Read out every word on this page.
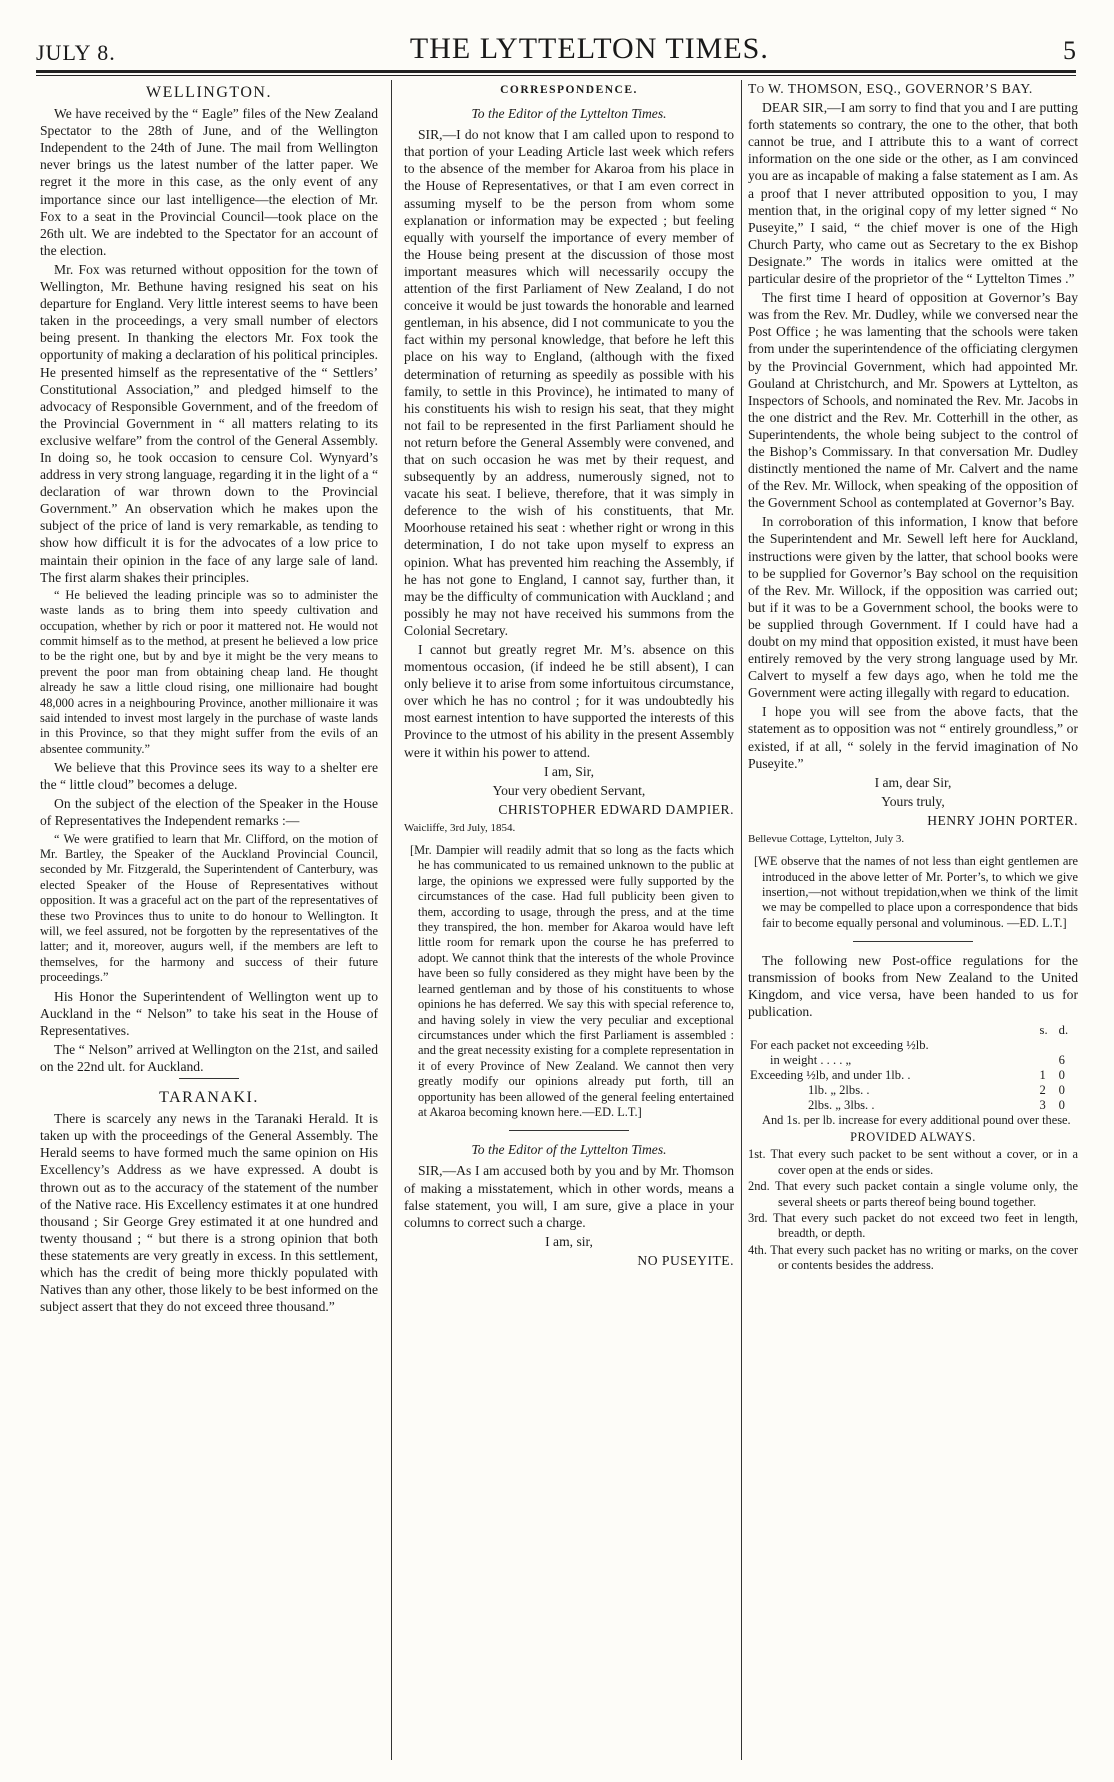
JULY 8.	THE LYTTELTON TIMES.	5
WELLINGTON.

We have received by the “ Eagle” files of the New Zealand Spectator to the 28th of June, and of the Wellington Independent to the 24th of June. The mail from Wellington never brings us the latest number of the latter paper. We regret it the more in this case, as the only event of any importance since our last intelligence—the election of Mr. Fox to a seat in the Provincial Council—took place on the 26th ult. We are indebted to the Spectator for an account of the election.

Mr. Fox was returned without opposition for the town of Wellington, Mr. Bethune having resigned his seat on his departure for England. Very little interest seems to have been taken in the proceedings, a very small number of electors being present. In thanking the electors Mr. Fox took the opportunity of making a declaration of his political principles. He presented himself as the representative of the “ Settlers’ Constitutional Association,” and pledged himself to the advocacy of Responsible Government, and of the freedom of the Provincial Government in “ all matters relating to its exclusive welfare” from the control of the General Assembly. In doing so, he took occasion to censure Col. Wynyard’s address in very strong language, regarding it in the light of a “ declaration of war thrown down to the Provincial Government.” An observation which he makes upon the subject of the price of land is very remarkable, as tending to show how difficult it is for the advocates of a low price to maintain their opinion in the face of any large sale of land. The first alarm shakes their principles.

“ He believed the leading principle was so to administer the waste lands as to bring them into speedy cultivation and occupation, whether by rich or poor it mattered not. He would not commit himself as to the method, at present he believed a low price to be the right one, but by and bye it might be the very means to prevent the poor man from obtaining cheap land. He thought already he saw a little cloud rising, one millionaire had bought 48,000 acres in a neighbouring Province, another millionaire it was said intended to invest most largely in the purchase of waste lands in this Province, so that they might suffer from the evils of an absentee community.”

We believe that this Province sees its way to a shelter ere the “ little cloud” becomes a deluge.

On the subject of the election of the Speaker in the House of Representatives the Independent remarks :—

“ We were gratified to learn that Mr. Clifford, on the motion of Mr. Bartley, the Speaker of the Auckland Provincial Council, seconded by Mr. Fitzgerald, the Superintendent of Canterbury, was elected Speaker of the House of Representatives without opposition. It was a graceful act on the part of the representatives of these two Provinces thus to unite to do honour to Wellington. It will, we feel assured, not be forgotten by the representatives of the latter; and it, moreover, augurs well, if the members are left to themselves, for the harmony and success of their future proceedings.”

His Honor the Superintendent of Wellington went up to Auckland in the “ Nelson” to take his seat in the House of Representatives.

The “ Nelson” arrived at Wellington on the 21st, and sailed on the 22nd ult. for Auckland.

TARANAKI.

There is scarcely any news in the Taranaki Herald. It is taken up with the proceedings of the General Assembly. The Herald seems to have formed much the same opinion on His Excellency’s Address as we have expressed. A doubt is thrown out as to the accuracy of the statement of the number of the Native race. His Excellency estimates it at one hundred thousand ; Sir George Grey estimated it at one hundred and twenty thousand ; “ but there is a strong opinion that both these statements are very greatly in excess. In this settlement, which has the credit of being more thickly populated with Natives than any other, those likely to be best informed on the subject assert that they do not exceed three thousand.”

CORRESPONDENCE.

To the Editor of the Lyttelton Times.

SIR,—I do not know that I am called upon to respond to that portion of your Leading Article last week which refers to the absence of the member for Akaroa from his place in the House of Representatives, or that I am even correct in assuming myself to be the person from whom some explanation or information may be expected ; but feeling equally with yourself the importance of every member of the House being present at the discussion of those most important measures which will necessarily occupy the attention of the first Parliament of New Zealand, I do not conceive it would be just towards the honorable and learned gentleman, in his absence, did I not communicate to you the fact within my personal knowledge, that before he left this place on his way to England, (although with the fixed determination of returning as speedily as possible with his family, to settle in this Province), he intimated to many of his constituents his wish to resign his seat, that they might not fail to be represented in the first Parliament should he not return before the General Assembly were convened, and that on such occasion he was met by their request, and subsequently by an address, numerously signed, not to vacate his seat. I believe, therefore, that it was simply in deference to the wish of his constituents, that Mr. Moorhouse retained his seat : whether right or wrong in this determination, I do not take upon myself to express an opinion. What has prevented him reaching the Assembly, if he has not gone to England, I cannot say, further than, it may be the difficulty of communication with Auckland ; and possibly he may not have received his summons from the Colonial Secretary.

I cannot but greatly regret Mr. M’s. absence on this momentous occasion, (if indeed he be still absent), I can only believe it to arise from some infortuitous circumstance, over which he has no control ; for it was undoubtedly his most earnest intention to have supported the interests of this Province to the utmost of his ability in the present Assembly were it within his power to attend.

I am, Sir,

Your very obedient Servant,

CHRISTOPHER EDWARD DAMPIER.

Waicliffe, 3rd July, 1854.

[Mr. Dampier will readily admit that so long as the facts which he has communicated to us remained unknown to the public at large, the opinions we expressed were fully supported by the circumstances of the case. Had full publicity been given to them, according to usage, through the press, and at the time they transpired, the hon. member for Akaroa would have left little room for remark upon the course he has preferred to adopt. We cannot think that the interests of the whole Province have been so fully considered as they might have been by the learned gentleman and by those of his constituents to whose opinions he has deferred. We say this with special reference to, and having solely in view the very peculiar and exceptional circumstances under which the first Parliament is assembled : and the great necessity existing for a complete representation in it of every Province of New Zealand. We cannot then very greatly modify our opinions already put forth, till an opportunity has been allowed of the general feeling entertained at Akaroa becoming known here.—ED. L.T.]

To the Editor of the Lyttelton Times.

SIR,—As I am accused both by you and by Mr. Thomson of making a misstatement, which in other words, means a false statement, you will, I am sure, give a place in your columns to correct such a charge.

I am, sir,

NO PUSEYITE.

To W. THOMSON, ESQ., GOVERNOR’S BAY.

DEAR SIR,—I am sorry to find that you and I are putting forth statements so contrary, the one to the other, that both cannot be true, and I attribute this to a want of correct information on the one side or the other, as I am convinced you are as incapable of making a false statement as I am. As a proof that I never attributed opposition to you, I may mention that, in the original copy of my letter signed “ No Puseyite,” I said, “ the chief mover is one of the High Church Party, who came out as Secretary to the ex Bishop Designate.” The words in italics were omitted at the particular desire of the proprietor of the “ Lyttelton Times .”

The first time I heard of opposition at Governor’s Bay was from the Rev. Mr. Dudley, while we conversed near the Post Office ; he was lamenting that the schools were taken from under the superintendence of the officiating clergymen by the Provincial Government, which had appointed Mr. Gouland at Christchurch, and Mr. Spowers at Lyttelton, as Inspectors of Schools, and nominated the Rev. Mr. Jacobs in the one district and the Rev. Mr. Cotterhill in the other, as Superintendents, the whole being subject to the control of the Bishop’s Commissary. In that conversation Mr. Dudley distinctly mentioned the name of Mr. Calvert and the name of the Rev. Mr. Willock, when speaking of the opposition of the Government School as contemplated at Governor’s Bay.

In corroboration of this information, I know that before the Superintendent and Mr. Sewell left here for Auckland, instructions were given by the latter, that school books were to be supplied for Governor’s Bay school on the requisition of the Rev. Mr. Willock, if the opposition was carried out; but if it was to be a Government school, the books were to be supplied through Government. If I could have had a doubt on my mind that opposition existed, it must have been entirely removed by the very strong language used by Mr. Calvert to myself a few days ago, when he told me the Government were acting illegally with regard to education.

I hope you will see from the above facts, that the statement as to opposition was not “ entirely groundless,” or existed, if at all, “ solely in the fervid imagination of No Puseyite.”

I am, dear Sir,

Yours truly,

HENRY JOHN PORTER.

Bellevue Cottage, Lyttelton, July 3.

[WE observe that the names of not less than eight gentlemen are introduced in the above letter of Mr. Porter’s, to which we give insertion,—not without trepidation,when we think of the limit we may be compelled to place upon a correspondence that bids fair to become equally personal and voluminous. —ED. L.T.]

The following new Post-office regulations for the transmission of books from New Zealand to the United Kingdom, and vice versa, have been handed to us for publication.

	s.	d.
For each packet not exceeding ½lb.		
in weight . . . . „		6
Exceeding ½lb, and under 1lb. .	1	0
1lb. „ 2lbs. .	2	0
2lbs. „ 3lbs. .	3	0

And 1s. per lb. increase for every additional pound over these.

PROVIDED ALWAYS.

1st. That every such packet to be sent without a cover, or in a cover open at the ends or sides.

2nd. That every such packet contain a single volume only, the several sheets or parts thereof being bound together.

3rd. That every such packet do not exceed two feet in length, breadth, or depth.

4th. That every such packet has no writing or marks, on the cover or contents besides the address.
